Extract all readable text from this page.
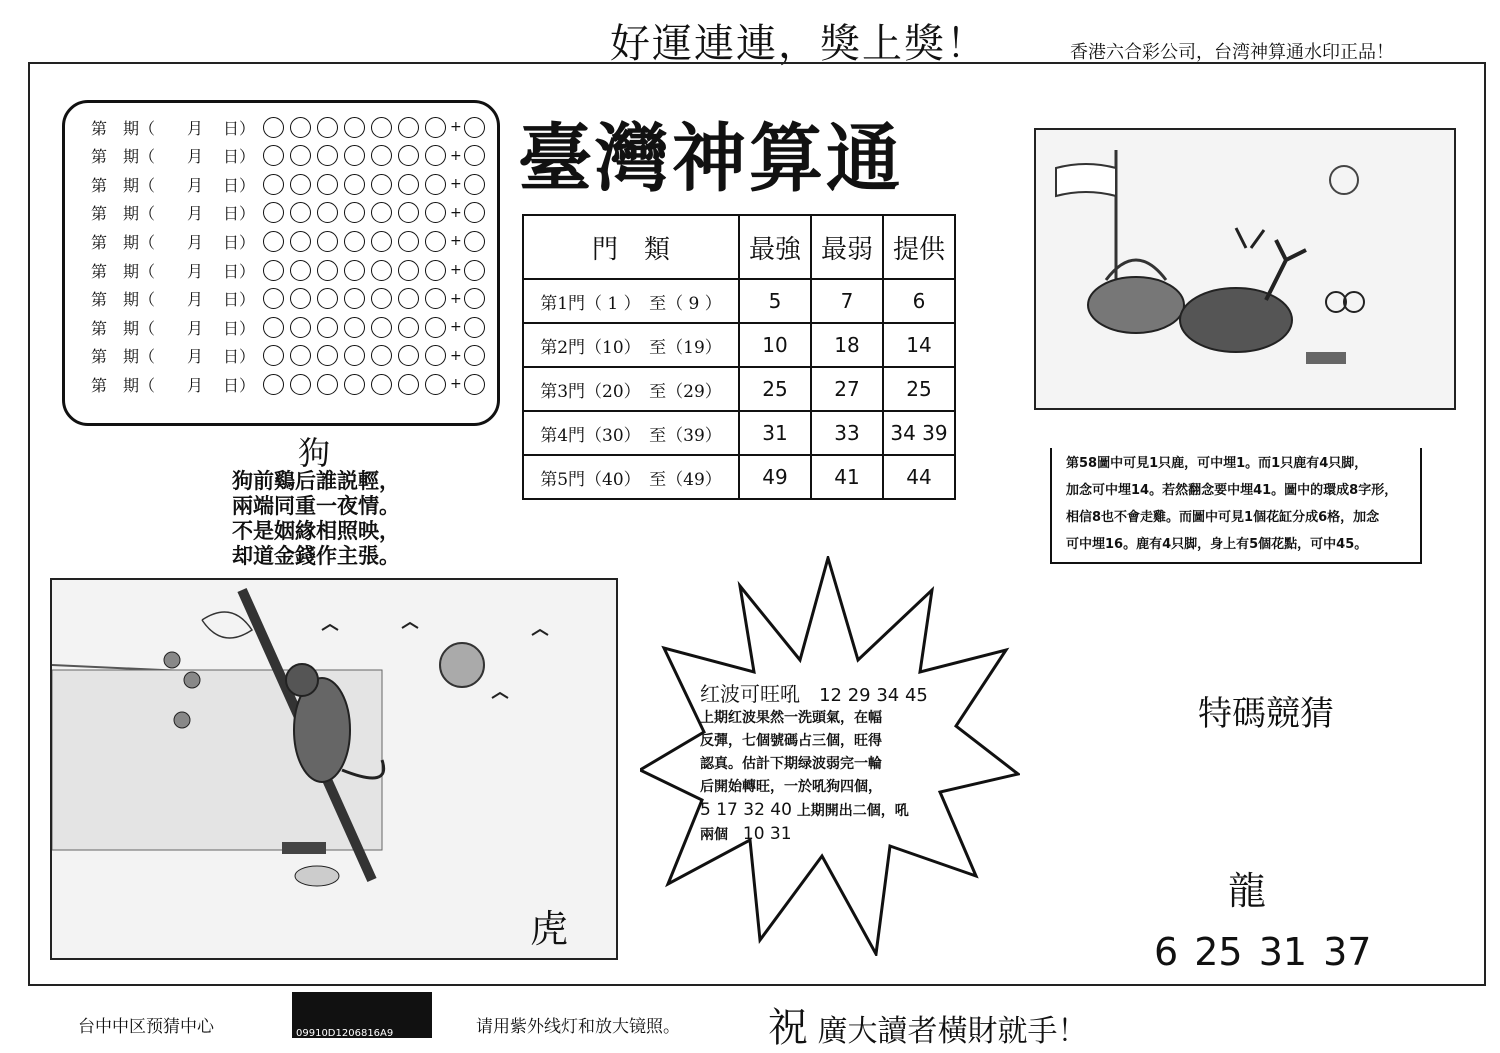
好運連連，獎上獎！	香港六合彩公司，台湾神算通水印正品！
第 期（	月	日）	+
第 期（	月	日）	+
第 期（	月	日）	+
第 期（	月	日）	+
第 期（	月	日）	+
第 期（	月	日）	+
第 期（	月	日）	+
第 期（	月	日）	+
第 期（	月	日）	+
第 期（	月	日）	+
臺灣神算通
門　類	最強	最弱	提供
第1門（ 1 ）　至（ 9 ）	5	7	6
第2門（10）　至（19）	10	18	14
第3門（20）　至（29）	25	27	25
第4門（30）　至（39）	31	33	34 39
第5門（40）　至（49）	49	41	44
第58圖中可見1只鹿，可中埋1。而1只鹿有4只脚，
加念可中埋14。若然翻念要中埋41。圖中的環成8字形，
相信8也不會走雞。而圖中可見1個花缸分成6格，加念
可中埋16。鹿有4只脚，身上有5個花點，可中45。
狗
狗前鷄后誰説輕，
兩端同重一夜情。
不是姻緣相照映，
却道金錢作主張。
虎
红波可旺吼 12 29 34 45
上期红波果然一洗頭氣，在幅
反彈，七個號碼占三個，旺得
認真。估計下期绿波弱完一輪
后開始轉旺，一於吼狗四個，
5 17 32 40 上期開出二個，吼
兩個 10 31
特碼競猜
龍
6 25 31 37
台中中区预猜中心	09910D1206816A9	请用紫外线灯和放大镜照。 祝 廣大讀者橫財就手！
